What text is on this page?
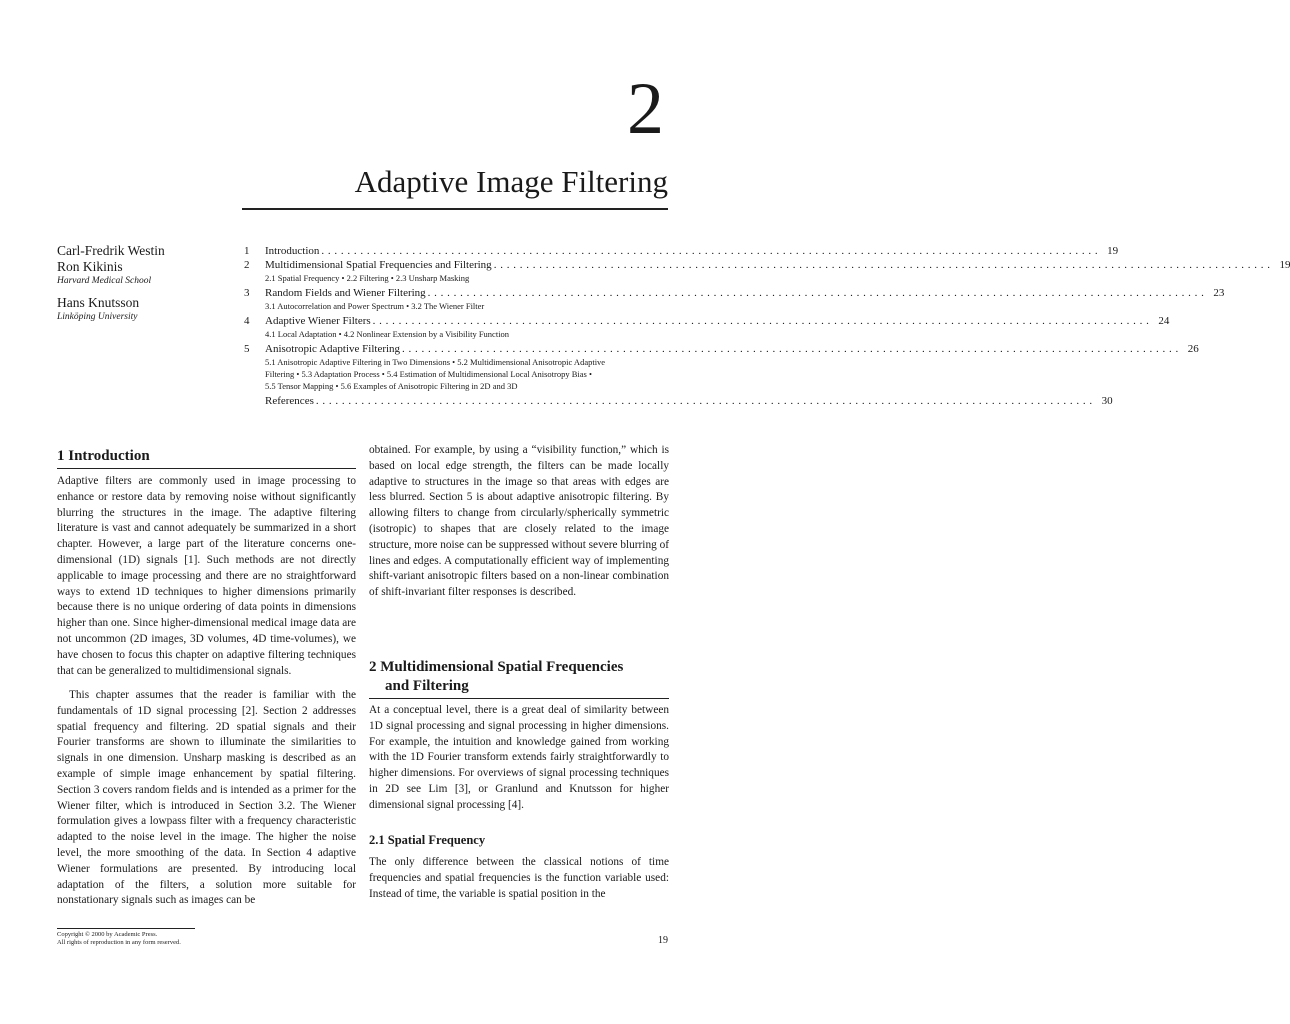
2
Adaptive Image Filtering
Carl-Fredrik Westin
Ron Kikinis
Harvard Medical School
Hans Knutsson
Linköping University
1	Introduction . . . . . . . . . . . . . . . . . . . . . . . . . . . . . . . . . . . . . . . . . . . . . . . . . . . . . . . . . . . . . . . . . . . . . . . . . . . . . . . . . . . . . . . . . . . . . . . . . . . . . . . . . . . . . . . . . . . . . . . . 19
2	Multidimensional Spatial Frequencies and Filtering . . . . . . . . . . . . . . . . . . . . . . . . . . . . . . . . . . . . . . . . . . . . . . . . . . . . . . . . . . . . . . . . . . . . . . . . . . . . . . . . . . . . . . . . . . . . . . . . . . . . . . . . . . . . . . . . . . . . . . . . 19
2.1 Spatial Frequency • 2.2 Filtering • 2.3 Unsharp Masking
3	Random Fields and Wiener Filtering . . . . . . . . . . . . . . . . . . . . . . . . . . . . . . . . . . . . . . . . . . . . . . . . . . . . . . . . . . . . . . . . . . . . . . . . . . . . . . . . . . . . . . . . . . . . . . . . . . . . . . . . . . . . . . . . . . . . . . . . 23
3.1 Autocorrelation and Power Spectrum • 3.2 The Wiener Filter
4	Adaptive Wiener Filters . . . . . . . . . . . . . . . . . . . . . . . . . . . . . . . . . . . . . . . . . . . . . . . . . . . . . . . . . . . . . . . . . . . . . . . . . . . . . . . . . . . . . . . . . . . . . . . . . . . . . . . . . . . . . . . . . . . . . . . . 24
4.1 Local Adaptation • 4.2 Nonlinear Extension by a Visibility Function
5	Anisotropic Adaptive Filtering . . . . . . . . . . . . . . . . . . . . . . . . . . . . . . . . . . . . . . . . . . . . . . . . . . . . . . . . . . . . . . . . . . . . . . . . . . . . . . . . . . . . . . . . . . . . . . . . . . . . . . . . . . . . . . . . . . . . . . . . 26
5.1 Anisotropic Adaptive Filtering in Two Dimensions • 5.2 Multidimensional Anisotropic Adaptive
Filtering • 5.3 Adaptation Process • 5.4 Estimation of Multidimensional Local Anisotropy Bias •
5.5 Tensor Mapping • 5.6 Examples of Anisotropic Filtering in 2D and 3D
References . . . . . . . . . . . . . . . . . . . . . . . . . . . . . . . . . . . . . . . . . . . . . . . . . . . . . . . . . . . . . . . . . . . . . . . . . . . . . . . . . . . . . . . . . . . . . . . . . . . . . . . . . . . . . . . . . . . . . . . . 30
1 Introduction
Adaptive filters are commonly used in image processing to enhance or restore data by removing noise without significantly blurring the structures in the image. The adaptive filtering literature is vast and cannot adequately be summarized in a short chapter. However, a large part of the literature concerns one-dimensional (1D) signals [1]. Such methods are not directly applicable to image processing and there are no straightforward ways to extend 1D techniques to higher dimensions primarily because there is no unique ordering of data points in dimensions higher than one. Since higher-dimensional medical image data are not uncommon (2D images, 3D volumes, 4D time-volumes), we have chosen to focus this chapter on adaptive filtering techniques that can be generalized to multidimensional signals.
This chapter assumes that the reader is familiar with the fundamentals of 1D signal processing [2]. Section 2 addresses spatial frequency and filtering. 2D spatial signals and their Fourier transforms are shown to illuminate the similarities to signals in one dimension. Unsharp masking is described as an example of simple image enhancement by spatial filtering. Section 3 covers random fields and is intended as a primer for the Wiener filter, which is introduced in Section 3.2. The Wiener formulation gives a lowpass filter with a frequency characteristic adapted to the noise level in the image. The higher the noise level, the more smoothing of the data. In Section 4 adaptive Wiener formulations are presented. By introducing local adaptation of the filters, a solution more suitable for nonstationary signals such as images can be
obtained. For example, by using a “visibility function,” which is based on local edge strength, the filters can be made locally adaptive to structures in the image so that areas with edges are less blurred. Section 5 is about adaptive anisotropic filtering. By allowing filters to change from circularly/spherically symmetric (isotropic) to shapes that are closely related to the image structure, more noise can be suppressed without severe blurring of lines and edges. A computationally efficient way of implementing shift-variant anisotropic filters based on a non-linear combination of shift-invariant filter responses is described.
2 Multidimensional Spatial Frequencies
and Filtering
At a conceptual level, there is a great deal of similarity between 1D signal processing and signal processing in higher dimensions. For example, the intuition and knowledge gained from working with the 1D Fourier transform extends fairly straightforwardly to higher dimensions. For overviews of signal processing techniques in 2D see Lim [3], or Granlund and Knutsson for higher dimensional signal processing [4].
2.1 Spatial Frequency
The only difference between the classical notions of time frequencies and spatial frequencies is the function variable used: Instead of time, the variable is spatial position in the
Copyright © 2000 by Academic Press.
All rights of reproduction in any form reserved.	19
